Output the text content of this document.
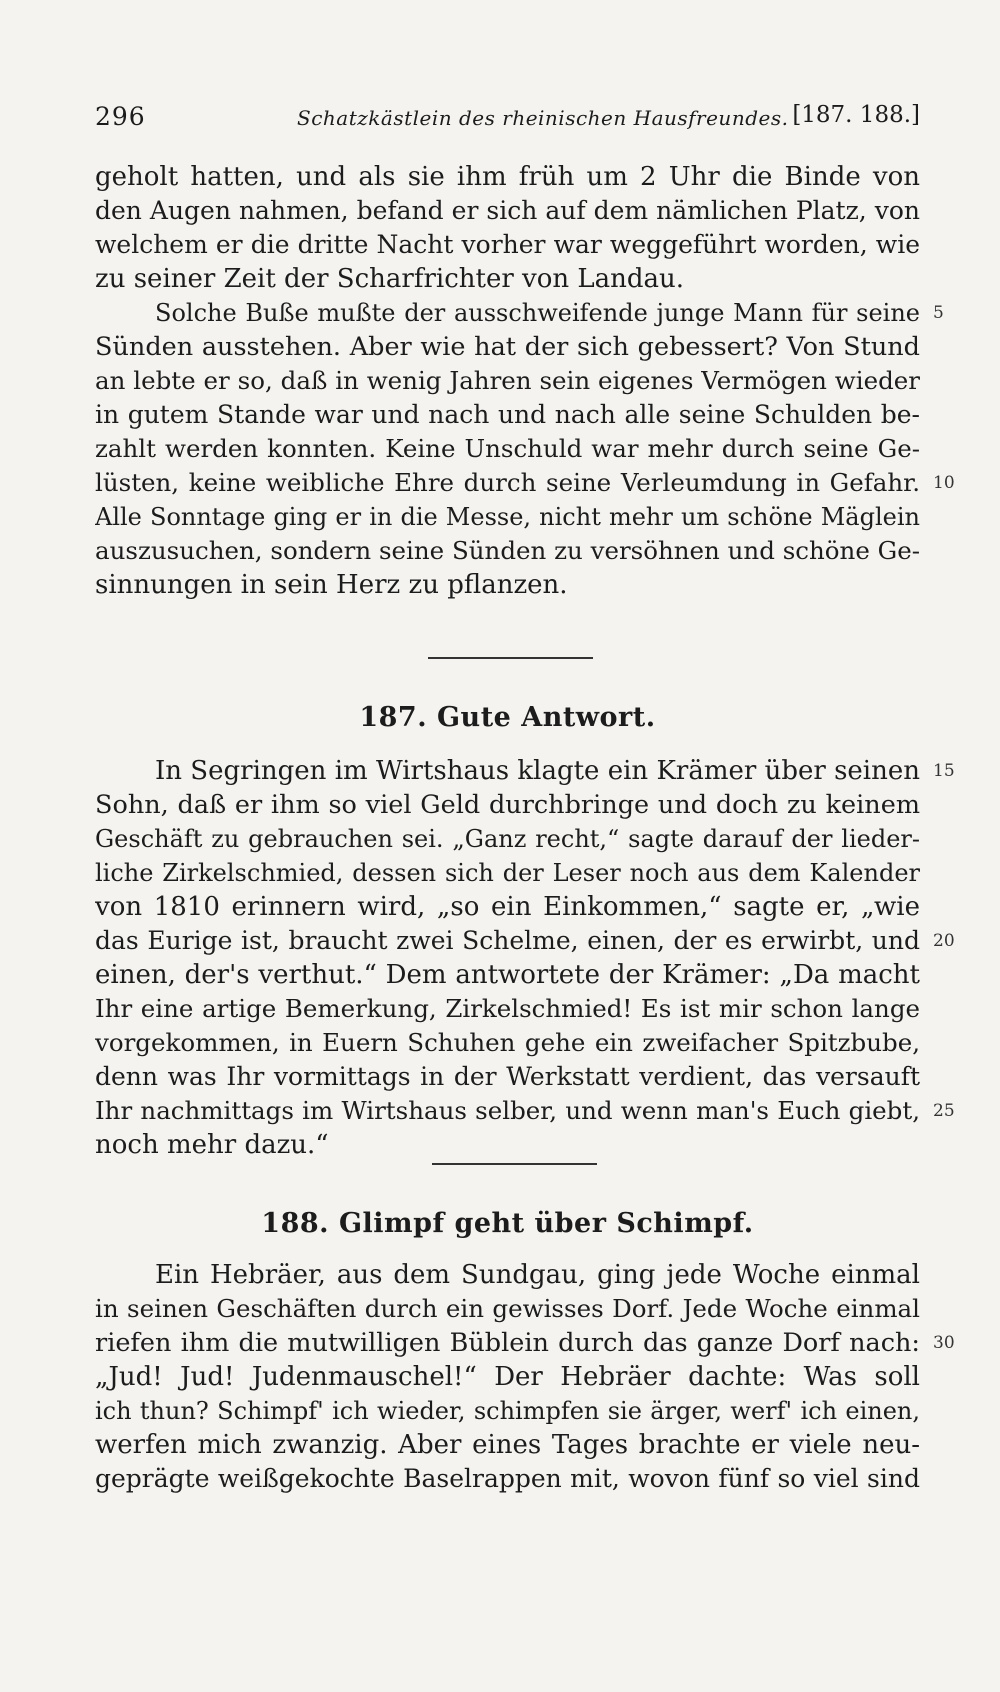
296	Schatzkästlein des rheinischen Hausfreundes. [187. 188.]
geholt hatten, und als sie ihm früh um 2 Uhr die Binde von
den Augen nahmen, befand er sich auf dem nämlichen Platz, von
welchem er die dritte Nacht vorher war weggeführt worden, wie
zu seiner Zeit der Scharfrichter von Landau.
Solche Buße mußte der ausschweifende junge Mann für seine
Sünden ausstehen. Aber wie hat der sich gebessert? Von Stund
an lebte er so, daß in wenig Jahren sein eigenes Vermögen wieder
in gutem Stande war und nach und nach alle seine Schulden be-
zahlt werden konnten. Keine Unschuld war mehr durch seine Ge-
lüsten, keine weibliche Ehre durch seine Verleumdung in Gefahr.
Alle Sonntage ging er in die Messe, nicht mehr um schöne Mäglein
auszusuchen, sondern seine Sünden zu versöhnen und schöne Ge-
sinnungen in sein Herz zu pflanzen.
5
10
187. Gute Antwort.
In Segringen im Wirtshaus klagte ein Krämer über seinen
Sohn, daß er ihm so viel Geld durchbringe und doch zu keinem
Geschäft zu gebrauchen sei. „Ganz recht,“ sagte darauf der lieder-
liche Zirkelschmied, dessen sich der Leser noch aus dem Kalender
von 1810 erinnern wird, „so ein Einkommen,“ sagte er, „wie
das Eurige ist, braucht zwei Schelme, einen, der es erwirbt, und
einen, der's verthut.“ Dem antwortete der Krämer: „Da macht
Ihr eine artige Bemerkung, Zirkelschmied! Es ist mir schon lange
vorgekommen, in Euern Schuhen gehe ein zweifacher Spitzbube,
denn was Ihr vormittags in der Werkstatt verdient, das versauft
Ihr nachmittags im Wirtshaus selber, und wenn man's Euch giebt,
noch mehr dazu.“
15
20
25
188. Glimpf geht über Schimpf.
Ein Hebräer, aus dem Sundgau, ging jede Woche einmal
in seinen Geschäften durch ein gewisses Dorf. Jede Woche einmal
riefen ihm die mutwilligen Büblein durch das ganze Dorf nach:
„Jud! Jud! Judenmauschel!“ Der Hebräer dachte: Was soll
ich thun? Schimpf' ich wieder, schimpfen sie ärger, werf' ich einen,
werfen mich zwanzig. Aber eines Tages brachte er viele neu-
geprägte weißgekochte Baselrappen mit, wovon fünf so viel sind
30
